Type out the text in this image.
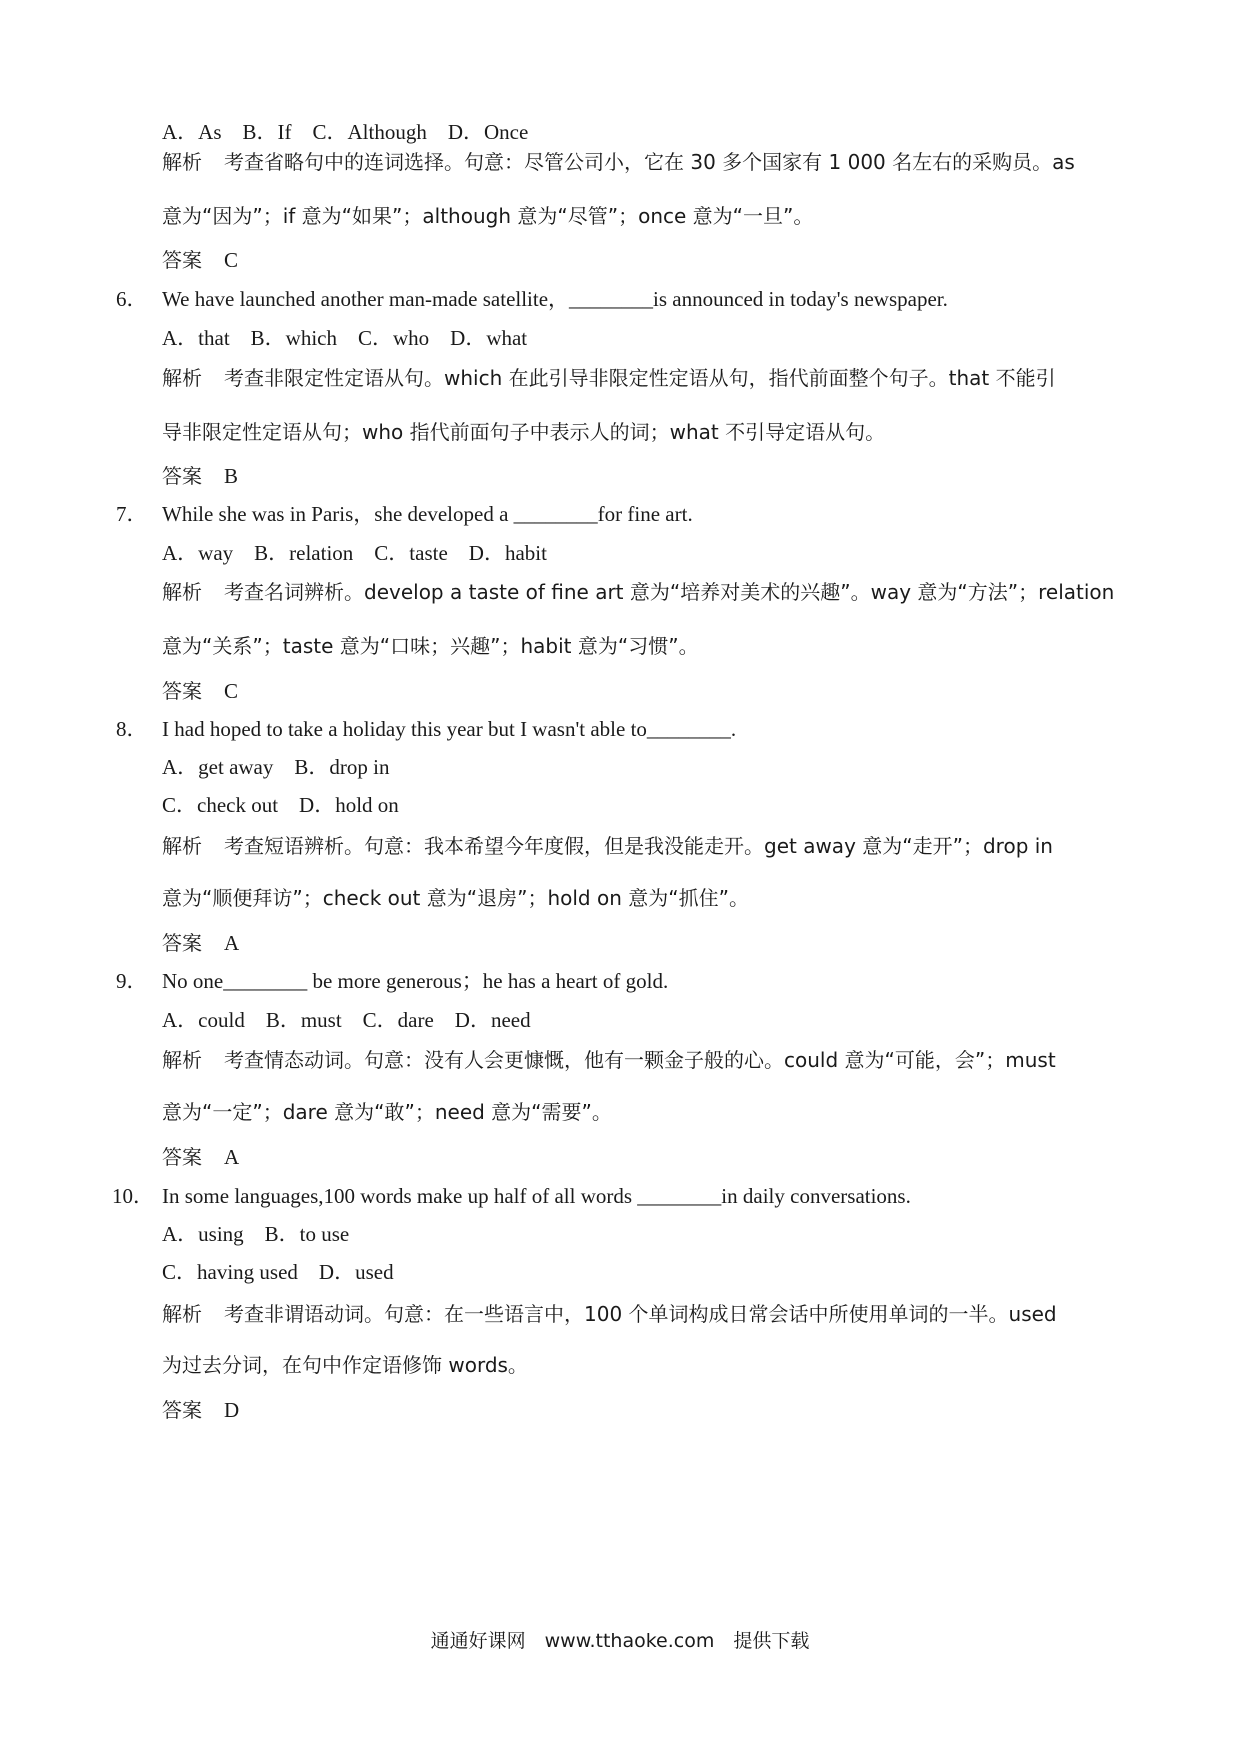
A．As　B．If　C．Although　D．Once
解析 考查省略句中的连词选择。句意：尽管公司小，它在 30 多个国家有 1 000 名左右的采购员。as
意为“因为”；if 意为“如果”；although 意为“尽管”；once 意为“一旦”。
答案 C
6． We have launched another man-made satellite，________is announced in today's newspaper.
A．that　B．which　C．who　D．what
解析 考查非限定性定语从句。which 在此引导非限定性定语从句，指代前面整个句子。that 不能引
导非限定性定语从句；who 指代前面句子中表示人的词；what 不引导定语从句。
答案 B
7． While she was in Paris，she developed a ________for fine art.
A．way　B．relation　C．taste　D．habit
解析 考查名词辨析。develop a taste of fine art 意为“培养对美术的兴趣”。way 意为“方法”；relation
意为“关系”；taste 意为“口味；兴趣”；habit 意为“习惯”。
答案 C
8． I had hoped to take a holiday this year but I wasn't able to________.
A．get away　B．drop in
C．check out　D．hold on
解析 考查短语辨析。句意：我本希望今年度假，但是我没能走开。get away 意为“走开”；drop in
意为“顺便拜访”；check out 意为“退房”；hold on 意为“抓住”。
答案 A
9． No one________ be more generous；he has a heart of gold.
A．could　B．must　C．dare　D．need
解析 考查情态动词。句意：没有人会更慷慨，他有一颗金子般的心。could 意为“可能，会”；must
意为“一定”；dare 意为“敢”；need 意为“需要”。
答案 A
10． In some languages,100 words make up half of all words ________in daily conversations.
A．using　B．to use
C．having used　D．used
解析 考查非谓语动词。句意：在一些语言中，100 个单词构成日常会话中所使用单词的一半。used
为过去分词，在句中作定语修饰 words。
答案 D
通通好课网　www.tthaoke.com　提供下载
